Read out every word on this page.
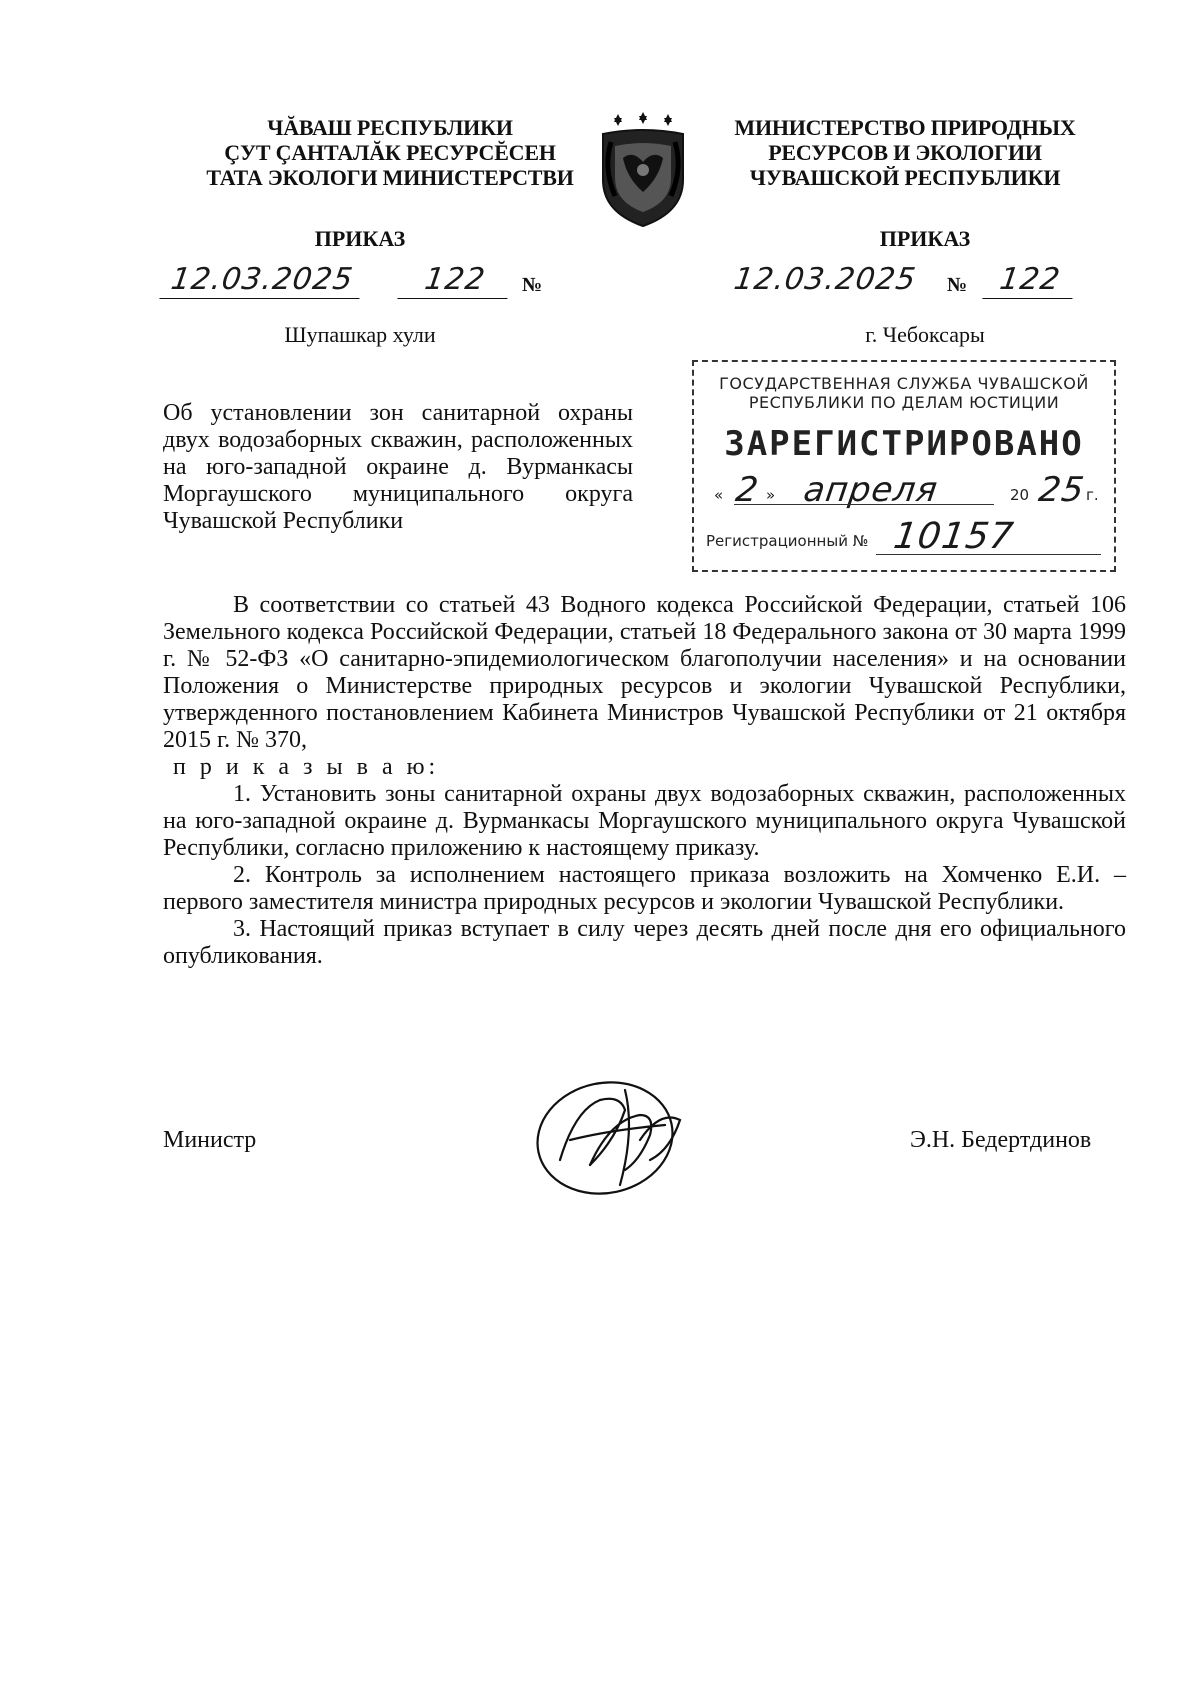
ЧĂВАШ РЕСПУБЛИКИ
ÇУТ ÇАНТАЛĂК РЕСУРСĔСЕН
ТАТА ЭКОЛОГИ МИНИСТЕРСТВИ
МИНИСТЕРСТВО ПРИРОДНЫХ
РЕСУРСОВ И ЭКОЛОГИИ
ЧУВАШСКОЙ РЕСПУБЛИКИ
ПРИКАЗ	ПРИКАЗ
12.03.2025	122	№	12.03.2025	№	122
Шупашкар хули	г. Чебоксары
ГОСУДАРСТВЕННАЯ СЛУЖБА ЧУВАШСКОЙ
РЕСПУБЛИКИ ПО ДЕЛАМ ЮСТИЦИИ
ЗАРЕГИСТРИРОВАНО
« 2 » апреля	20 25
г.
Регистрационный № 10157
Об установлении зон санитарной охраны двух водозаборных скважин, расположенных на юго-западной окраине д. Вурманкасы Моргаушского муниципального округа Чувашской Республики

В соответствии со статьей 43 Водного кодекса Российской Федерации, статьей 106 Земельного кодекса Российской Федерации, статьей 18 Федерального закона от 30 марта 1999 г. № 52-ФЗ «О санитарно-эпидемиологическом благополучии населения» и на основании Положения о Министерстве природных ресурсов и экологии Чувашской Республики, утвержденного постановлением Кабинета Министров Чувашской Республики от 21 октября 2015 г. № 370,

п р и к а з ы в а ю:

1. Установить зоны санитарной охраны двух водозаборных скважин, расположенных на юго-западной окраине д. Вурманкасы Моргаушского муниципального округа Чувашской Республики, согласно приложению к настоящему приказу.

2. Контроль за исполнением настоящего приказа возложить на Хомченко Е.И. – первого заместителя министра природных ресурсов и экологии Чувашской Республики.

3. Настоящий приказ вступает в силу через десять дней после дня его официального опубликования.

Министр	Э.Н. Бедертдинов
